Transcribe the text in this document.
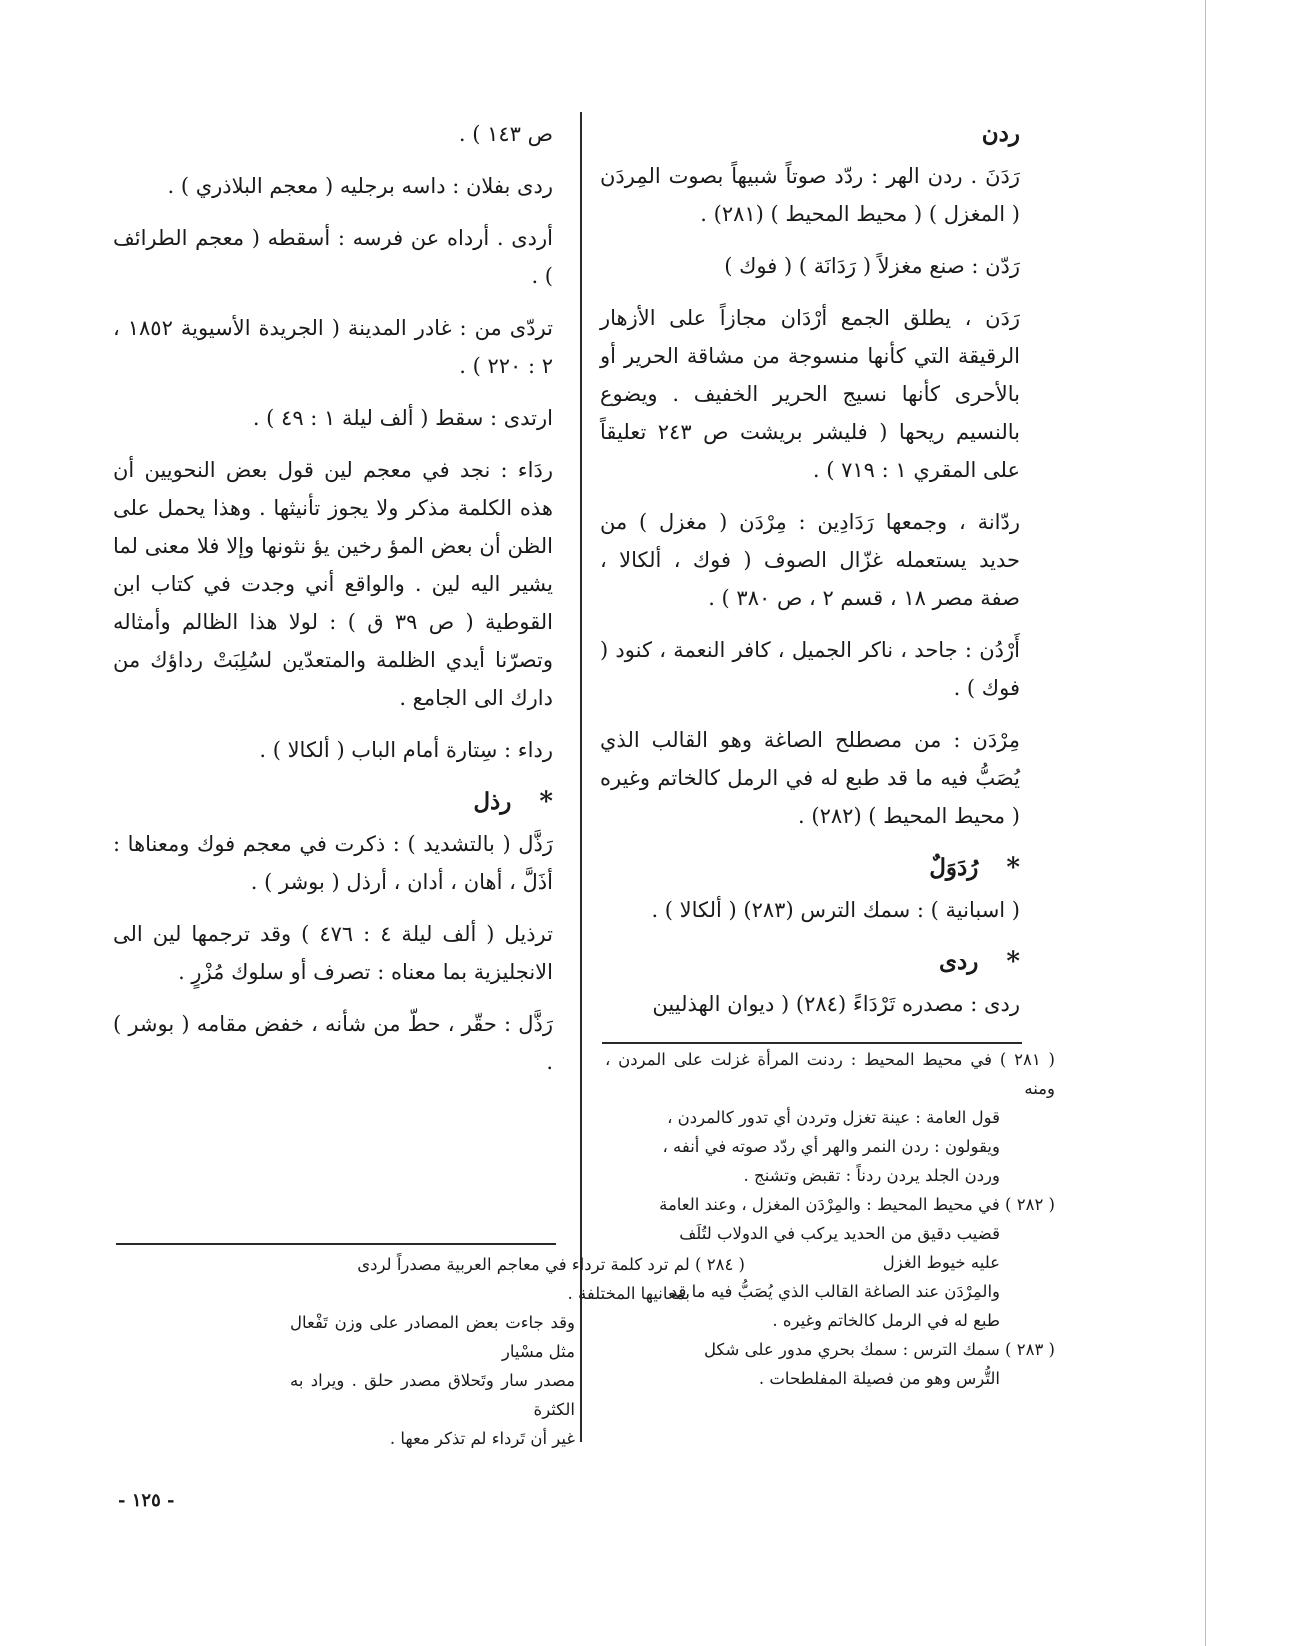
ردن

رَدَنَ . ردن الهر : ردّد صوتاً شبيهاً بصوت المِردَن ( المغزل ) ( محيط المحيط ) (٢٨١) .

رَدّن : صنع مغزلاً ( رَدَانَة ) ( فوك )

رَدَن ، يطلق الجمع أرْدَان مجازاً على الأزهار الرقيقة التي كأنها منسوجة من مشاقة الحرير أو بالأحرى كأنها نسيج الحرير الخفيف . ويضوع بالنسيم ريحها ( فليشر بريشت ص ٢٤٣ تعليقاً على المقري ١ : ٧١٩ ) .

ردّانة ، وجمعها رَدَادِين : مِرْدَن ( مغزل ) من حديد يستعمله غزّال الصوف ( فوك ، ألكالا ، صفة مصر ١٨ ، قسم ٢ ، ص ٣٨٠ ) .

أَرْدُن : جاحد ، ناكر الجميل ، كافر النعمة ، كنود ( فوك ) .

مِرْدَن : من مصطلح الصاغة وهو القالب الذي يُصَبُّ فيه ما قد طبع له في الرمل كالخاتم وغيره ( محيط المحيط ) (٢٨٢) .

*
رُدَوَلٌ

( اسبانية ) : سمك الترس (٢٨٣) ( ألكالا ) .

*
ردى

ردى : مصدره تَرْدَاءً (٢٨٤) ( ديوان الهذليين

( ٢٨١ ) في محيط المحيط : ردنت المرأة غزلت على المردن ، ومنه

قول العامة : عينة تغزل وتردن أي تدور كالمردن ،

ويقولون : ردن النمر والهر أي ردّد صوته في أنفه ،

وردن الجلد يردن ردناً : تقبض وتشنج .

( ٢٨٢ ) في محيط المحيط : والمِرْدَن المغزل ، وعند العامة

قضيب دقيق من الحديد يركب في الدولاب لتُلَف

عليه خيوط الغزل

والمِرْدَن عند الصاغة القالب الذي يُصَبُّ فيه ما قد

طبع له في الرمل كالخاتم وغيره .

( ٢٨٣ ) سمك الترس : سمك بحري مدور على شكل

التُّرس وهو من فصيلة المفلطحات .

ص ١٤٣ ) .

ردى بفلان : داسه برجليه ( معجم البلاذري ) .

أردى . أرداه عن فرسه : أسقطه ( معجم الطرائف ) .

تردّى من : غادر المدينة ( الجريدة الأسيوية ١٨٥٢ ، ٢ : ٢٢٠ ) .

ارتدى : سقط ( ألف ليلة ١ : ٤٩ ) .

ردَاء : نجد في معجم لين قول بعض النحويين أن هذه الكلمة مذكر ولا يجوز تأنيثها . وهذا يحمل على الظن أن بعض المؤ رخين يؤ نثونها وإلا فلا معنى لما يشير اليه لين . والواقع أني وجدت في كتاب ابن القوطية ( ص ٣٩ ق ) : لولا هذا الظالم وأمثاله وتصرّنا أيدي الظلمة والمتعدّين لسُلِبَتْ رداؤك من دارك الى الجامع .

رداء : سِتارة أمام الباب ( ألكالا ) .

*
رذل

رَذَّل ( بالتشديد ) : ذكرت في معجم فوك ومعناها : أذَلَّ ، أهان ، أدان ، أرذل ( بوشر ) .

ترذيل ( ألف ليلة ٤ : ٤٧٦ ) وقد ترجمها لين الى الانجليزية بما معناه : تصرف أو سلوك مُزْرٍ .

رَذَّل : حقّر ، حطّ من شأنه ، خفض مقامه ( بوشر ) .

( ٢٨٤ ) لم ترد كلمة ترداء في معاجم العربية مصدراً لردى

بمعانيها المختلفة .

وقد جاءت بعض المصادر على وزن تَفْعال مثل مسْيار

مصدر سار وتَحلاق مصدر حلق . ويراد به الكثرة

غير أن تَرداء لم تذكر معها .

- ١٢٥ -
